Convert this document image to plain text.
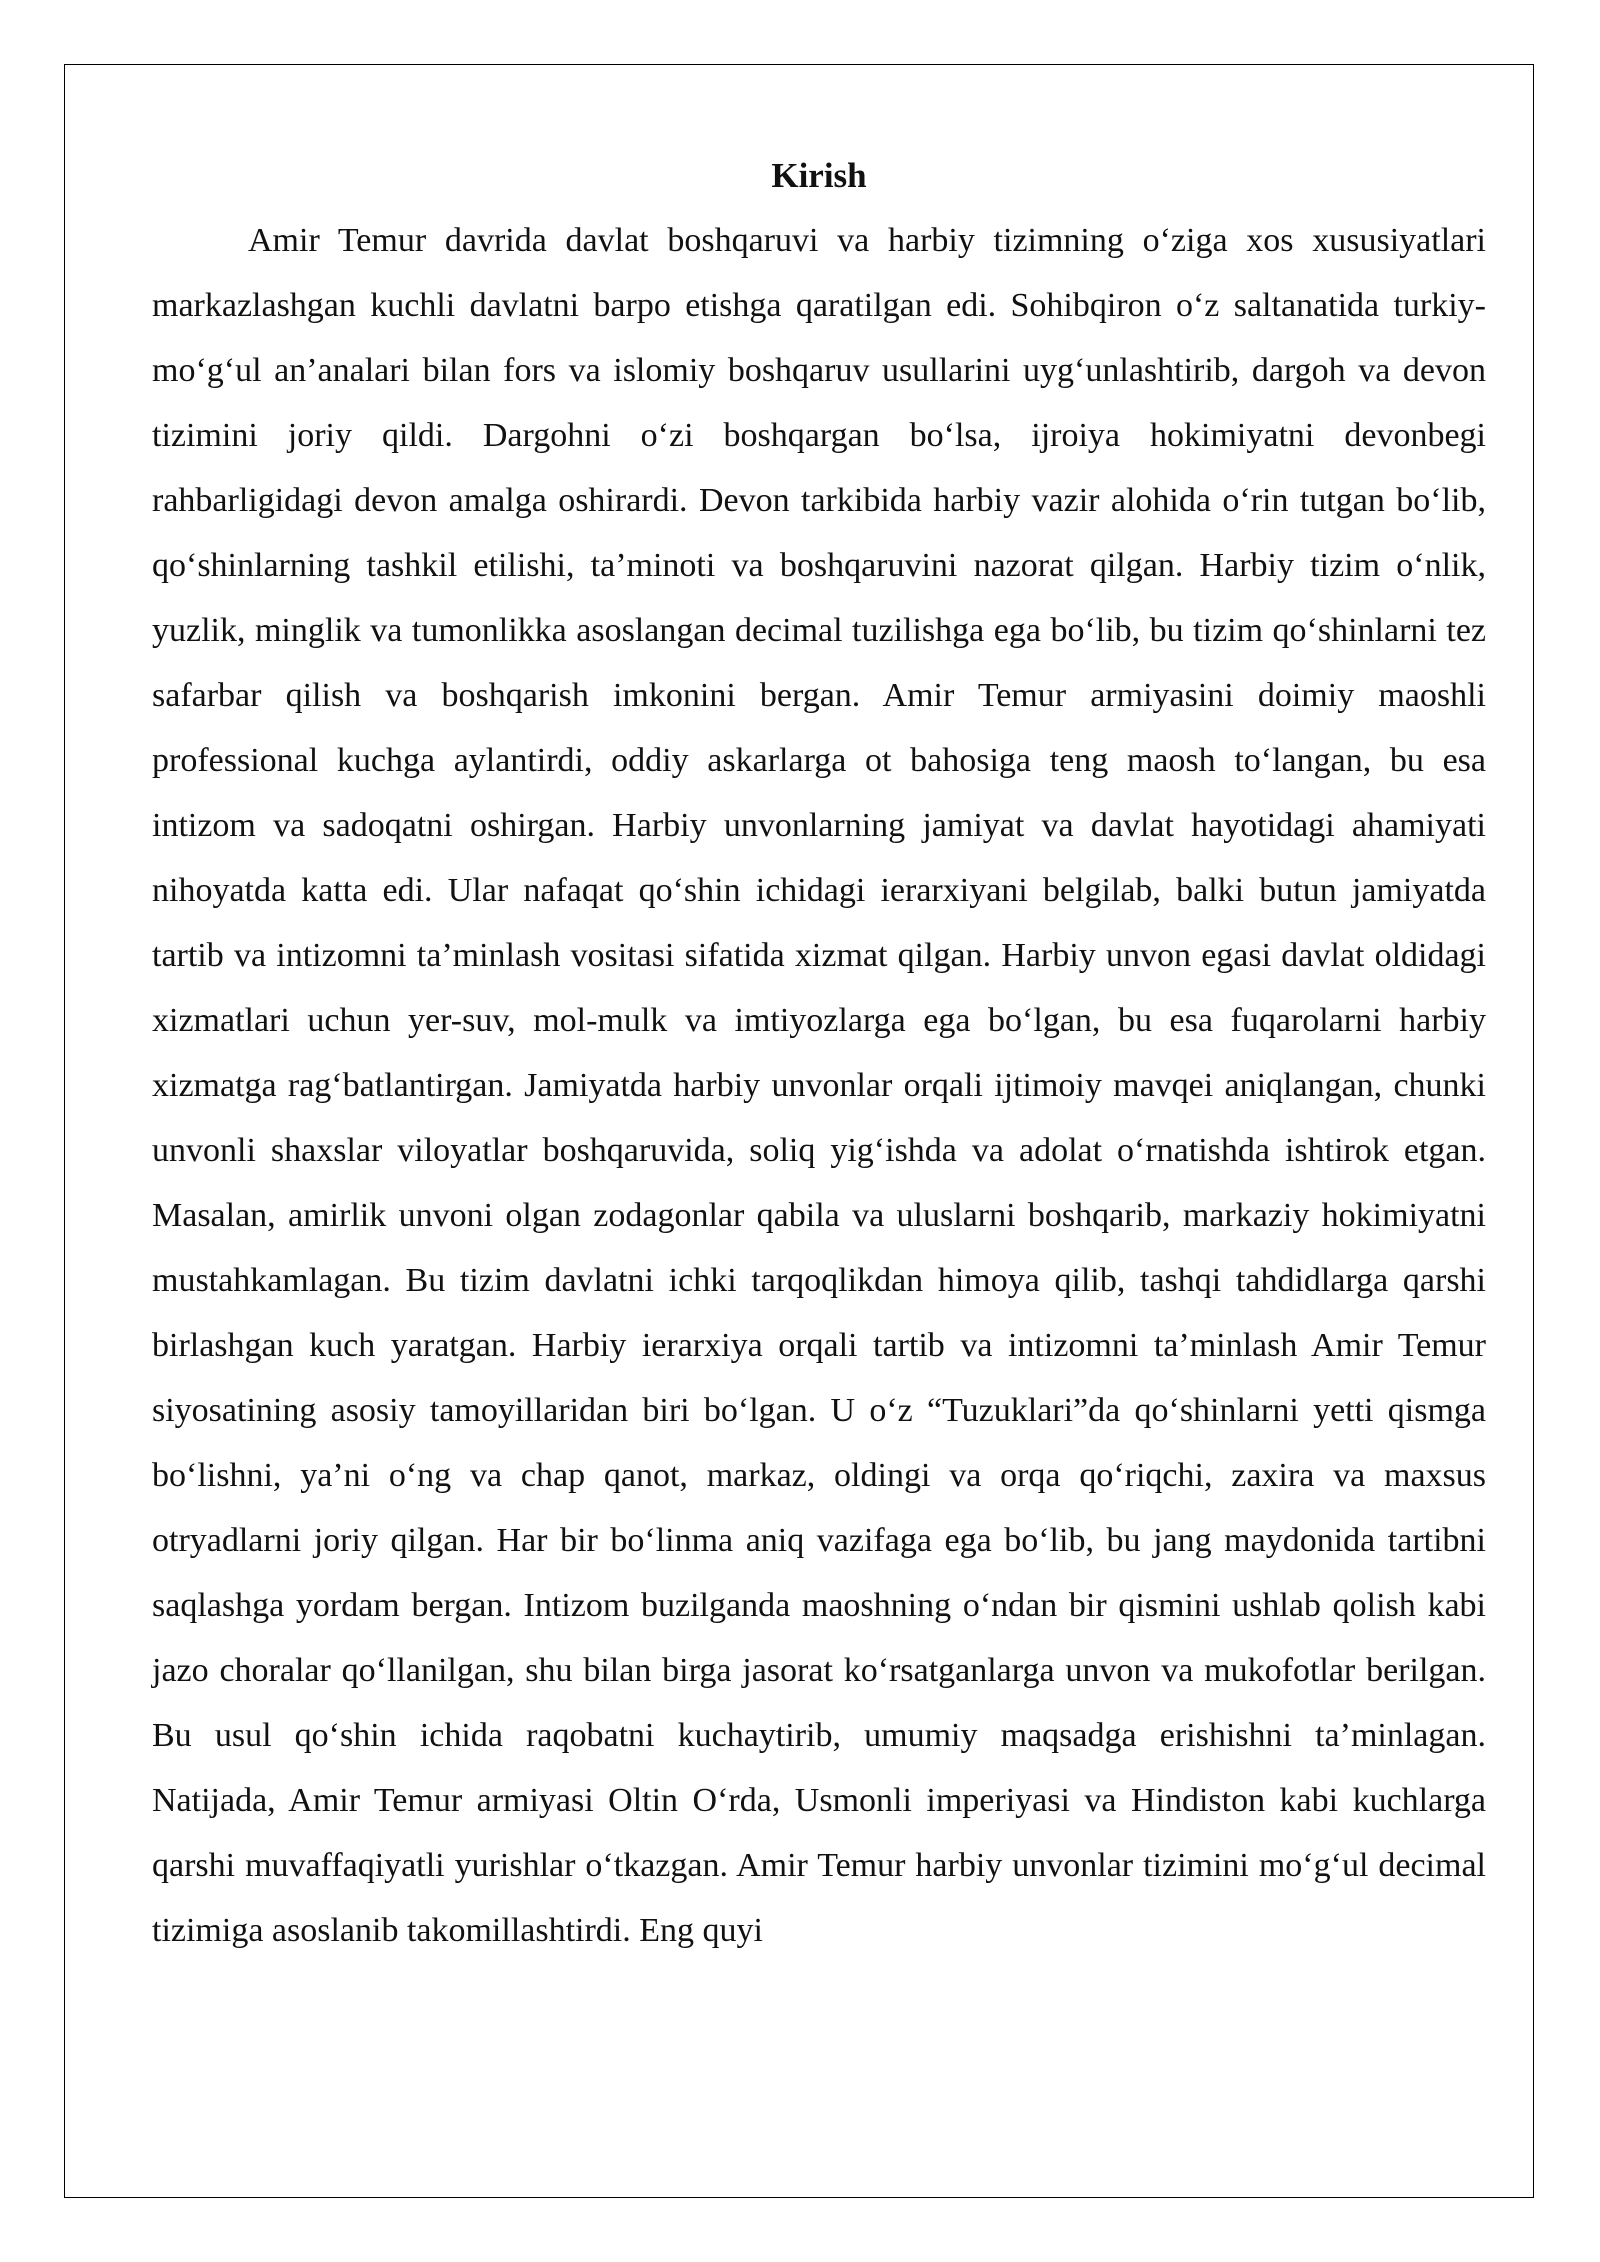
Kirish

Amir Temur davrida davlat boshqaruvi va harbiy tizimning o‘ziga xos xususiyatlari markazlashgan kuchli davlatni barpo etishga qaratilgan edi. Sohibqiron o‘z saltanatida turkiy-mo‘g‘ul an’analari bilan fors va islomiy boshqaruv usullarini uyg‘unlashtirib, dargoh va devon tizimini joriy qildi. Dargohni o‘zi boshqargan bo‘lsa, ijroiya hokimiyatni devonbegi rahbarligidagi devon amalga oshirardi. Devon tarkibida harbiy vazir alohida o‘rin tutgan bo‘lib, qo‘shinlarning tashkil etilishi, ta’minoti va boshqaruvini nazorat qilgan. Harbiy tizim o‘nlik, yuzlik, minglik va tumonlikka asoslangan decimal tuzilishga ega bo‘lib, bu tizim qo‘shinlarni tez safarbar qilish va boshqarish imkonini bergan. Amir Temur armiyasini doimiy maoshli professional kuchga aylantirdi, oddiy askarlarga ot bahosiga teng maosh to‘langan, bu esa intizom va sadoqatni oshirgan. Harbiy unvonlarning jamiyat va davlat hayotidagi ahamiyati nihoyatda katta edi. Ular nafaqat qo‘shin ichidagi ierarxiyani belgilab, balki butun jamiyatda tartib va intizomni ta’minlash vositasi sifatida xizmat qilgan. Harbiy unvon egasi davlat oldidagi xizmatlari uchun yer-suv, mol-mulk va imtiyozlarga ega bo‘lgan, bu esa fuqarolarni harbiy xizmatga rag‘batlantirgan. Jamiyatda harbiy unvonlar orqali ijtimoiy mavqei aniqlangan, chunki unvonli shaxslar viloyatlar boshqaruvida, soliq yig‘ishda va adolat o‘rnatishda ishtirok etgan. Masalan, amirlik unvoni olgan zodagonlar qabila va uluslarni boshqarib, markaziy hokimiyatni mustahkamlagan. Bu tizim davlatni ichki tarqoqlikdan himoya qilib, tashqi tahdidlarga qarshi birlashgan kuch yaratgan. Harbiy ierarxiya orqali tartib va intizomni ta’minlash Amir Temur siyosatining asosiy tamoyillaridan biri bo‘lgan. U o‘z “Tuzuklari”da qo‘shinlarni yetti qismga bo‘lishni, ya’ni o‘ng va chap qanot, markaz, oldingi va orqa qo‘riqchi, zaxira va maxsus otryadlarni joriy qilgan. Har bir bo‘linma aniq vazifaga ega bo‘lib, bu jang maydonida tartibni saqlashga yordam bergan. Intizom buzilganda maoshning o‘ndan bir qismini ushlab qolish kabi jazo choralar qo‘llanilgan, shu bilan birga jasorat ko‘rsatganlarga unvon va mukofotlar berilgan. Bu usul qo‘shin ichida raqobatni kuchaytirib, umumiy maqsadga erishishni ta’minlagan. Natijada, Amir Temur armiyasi Oltin O‘rda, Usmonli imperiyasi va Hindiston kabi kuchlarga qarshi muvaffaqiyatli yurishlar o‘tkazgan. Amir Temur harbiy unvonlar tizimini mo‘g‘ul decimal tizimiga asoslanib takomillashtirdi. Eng quyi
